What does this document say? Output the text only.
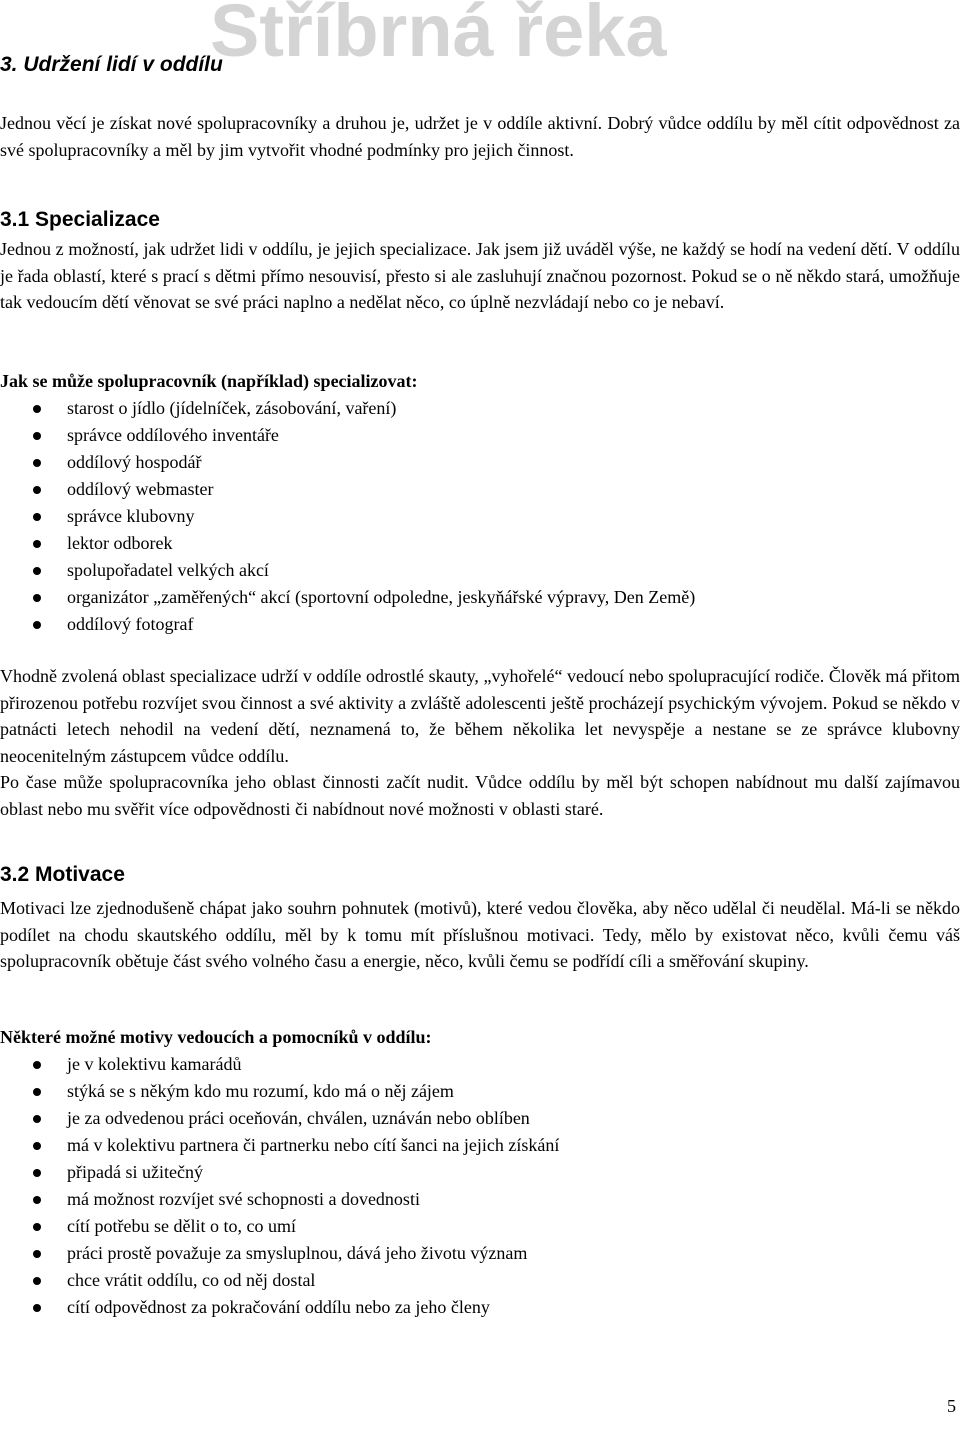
Stříbrná řeka
3. Udržení lidí v oddílu

Jednou věcí je získat nové spolupracovníky a druhou je, udržet je v oddíle aktivní. Dobrý vůdce oddílu by měl cítit odpovědnost za své spolupracovníky a měl by jim vytvořit vhodné podmínky pro jejich činnost.

3.1 Specializace

Jednou z možností, jak udržet lidi v oddílu, je jejich specializace. Jak jsem již uváděl výše, ne každý se hodí na vedení dětí. V oddílu je řada oblastí, které s prací s dětmi přímo nesouvisí, přesto si ale zasluhují značnou pozornost. Pokud se o ně někdo stará, umožňuje tak vedoucím dětí věnovat se své práci naplno a nedělat něco, co úplně nezvládají nebo co je nebaví.

Jak se může spolupracovník (například) specializovat:

starost o jídlo (jídelníček, zásobování, vaření)
správce oddílového inventáře
oddílový hospodář
oddílový webmaster
správce klubovny
lektor odborek
spolupořadatel velkých akcí
organizátor „zaměřených“ akcí (sportovní odpoledne, jeskyňářské výpravy, Den Země)
oddílový fotograf

Vhodně zvolená oblast specializace udrží v oddíle odrostlé skauty, „vyhořelé“ vedoucí nebo spolupracující rodiče. Člověk má přitom přirozenou potřebu rozvíjet svou činnost a své aktivity a zvláště adolescenti ještě procházejí psychickým vývojem. Pokud se někdo v patnácti letech nehodil na vedení dětí, neznamená to, že během několika let nevyspěje a nestane se ze správce klubovny neocenitelným zástupcem vůdce oddílu.

Po čase může spolupracovníka jeho oblast činnosti začít nudit. Vůdce oddílu by měl být schopen nabídnout mu další zajímavou oblast nebo mu svěřit více odpovědnosti či nabídnout nové možnosti v oblasti staré.

3.2 Motivace

Motivaci lze zjednodušeně chápat jako souhrn pohnutek (motivů), které vedou člověka, aby něco udělal či neudělal. Má-li se někdo podílet na chodu skautského oddílu, měl by k tomu mít příslušnou motivaci. Tedy, mělo by existovat něco, kvůli čemu váš spolupracovník obětuje část svého volného času a energie, něco, kvůli čemu se podřídí cíli a směřování skupiny.

Některé možné motivy vedoucích a pomocníků v oddílu:

je v kolektivu kamarádů
stýká se s někým kdo mu rozumí, kdo má o něj zájem
je za odvedenou práci oceňován, chválen, uznáván nebo oblíben
má v kolektivu partnera či partnerku nebo cítí šanci na jejich získání
připadá si užitečný
má možnost rozvíjet své schopnosti a dovednosti
cítí potřebu se dělit o to, co umí
práci prostě považuje za smysluplnou, dává jeho životu význam
chce vrátit oddílu, co od něj dostal
cítí odpovědnost za pokračování oddílu nebo za jeho členy
5
